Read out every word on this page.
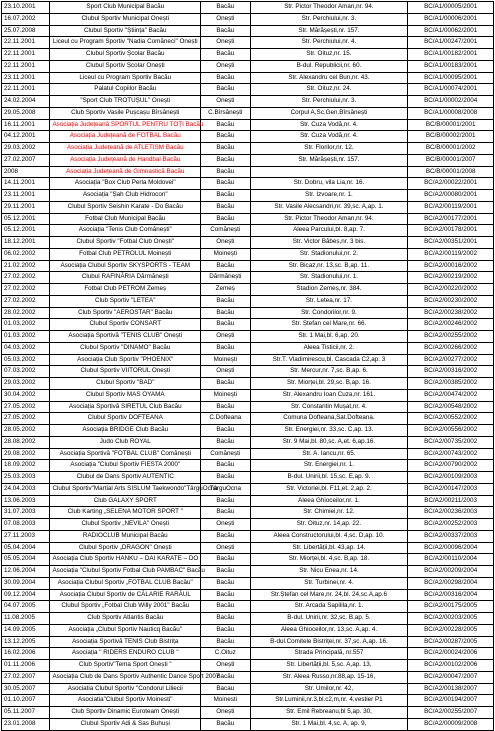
23.10.2001	Sport Club Municipal Bacău	Bacău	Str. Pictor Theodor Aman,nr. 94.	BC/A1/00005/2001
16.07.2002	Clubul Sportiv Municipal Onești	Onești	Str. Perchiului,nr. 3.	BC/A1/00006/2001
25.07.2008	Clubul Sportiv "Știința" Bacău	Bacău	Str. Mărășești,nr. 157.	BC/A1/00062/2001
22.11.2001	Liceul cu Program Sportiv "Nadia Comăneci" Onești	Onești	Str. Perchiului,nr. 4.	BC/A1/00247/2001
22.11.2001	Clubul Sportiv Școlar Bacău	Bacău	Str. Oituz,nr. 15.	BC/A1/00182/2001
22.11.2001	Clubul Sportiv Școlar Onești	Onești	B-dul. Republicii,nr. 60.	BC/A1/00183/2001
23.11.2001	Liceul cu Program Sportiv Bacău	Bacău	Str. Alexandru cel Bun,nr. 43.	BC/A1/00095/2001
22.11.2001	Palatul Copiilor Bacău	Bacău	Str. Oituz,nr. 24.	BC/A1/00074/2001
24.02.2004	"Sport Club TROTUȘUL" Onești	Onești	Str. Perchiului,nr. 3.	BC/A1/00002/2004
29.05.2008	Club Sportiv Vasile Pușcașu Bîrsănești	C.Bîrsănești	Corpul A,Sc.Gen.Bîrsănești	BC/A1/00008/2008
16.11.2001	Asociația Județeană SPORTUL PENTRU TOȚI Bacău	Bacău	Str. Cuza Vodă,nr. 4.	BC/B/00001/2001
04.12.2001	Asociația Județeană de FOTBAL Bacău	Bacău	Str. Cuza Vodă,nr. 4.	BC/B/00002/2001
29.03.2002	Asociația Județeană de ATLETISM Bacău	Bacău	Str. Florilor,nr. 12.	BC/B/00001/2002
27.02.2007	Asociația Județeană de Handbal Bacău	Bacău	Str. Mărășești,nr. 157.	BC/B/00001/2007
2008	Asociația Județeană de Gimnastică Bacău	Bacău		BC/B/00001/2008
14.11.2001	Asociația "Box Club Perla Moldovei"	Bacău	Str. Dobru, vila Lia,nr. 16.	BC/A2/00022/2001
23.11.2001	Asociația "Șah Club Hidrocon"	Bacău	Str. Izvoare,nr. 1.	BC/A2/00080/2001
29.11.2001	Clubul Sportiv Seishin Karate - Do Bacău	Bacău	Str. Vasile Alecsandri,nr. 39,sc. A,ap. 1.	BC/A2/00119/2001
05.12.2001	Fotbal Club Municipal Bacău	Bacău	Str. Pictor Theodor Aman,nr. 94.	BC/A2/00177/2001
05.12.2001	Asociația "Tenis Club Comănești"	Comănești	Aleea Parcului,bl. 8,ap. 7.	BC/A2/00178/2001
18.12.2001	Clubul Sportiv "Fotbal Club Onești"	Onești	Str. Victor Băbeș,nr. 3 bis.	BC/A2/00351/2001
06.02.2002	Fotbal Club PETROLUL Moinești	Moinești	Str. Stadionului,nr. 2.	BC/A2/00119/2002
21.02.2002	Asociația Clubul Sportiv SKYSPORTS - TEAM	Bacău	Str. Bicaz,nr. 13,sc. B,ap. 11.	BC/A2/00016/2002
27.02.2002	Clubul RAFINĂRIA Dărmănești	Dărmănești	Str. Stadionului,nr. 1.	BC/A2/00219/2002
27.02.2002	Fotbal Club PETROM Zemeș	Zemeș	Stadion Zemeș,nr. 384.	BC/A2/00220/2002
27.02.2002	Club Sportiv "LETEA"	Bacău	Str. Letea,nr. 17.	BC/A2/00230/2002
28.02.2002	Club Sportiv "AEROSTAR" Bacău	Bacău	Str. Condorilor,nr. 9.	BC/A2/00238/2002
01.03.2002	Clubul Sportiv CONSART	Bacău	Str. Ștefan cel Mare,nr. 66.	BC/A2/00246/2002
01.03.2002	Asociația Sportivă "TENIS CLUB" Onești	Onești	Str. 1 Mai,bl. 6,ap. 20.	BC/A2/00255/2002
04.03.2002	Clubul Sportiv "DINAMO" Bacău	Bacău	Aleea Tisticii,nr. 2.	BC/A2/00266/2002
05.03.2002	Asociația Club Sportiv "PHOENIX"	Moinești	Str.T. Vladimirescu,bl. Cascada C2,ap. 3	BC/A2/00277/2002
07.03.2002	Clubul Sportiv VIITORUL Onești	Onești	Str. Mercur,nr. 7,sc. B,ap. 6.	BC/A2/00316/2002
29.03.2002	Clubul Sportiv "BAD"	Bacău	Str. Miorței,bl. 29,sc. B,ap. 16.	BC/A2/00385/2002
30.04.2002	Clubul Sportiv MAS OYAMA	Moinești	Str. Alexandru Ioan Cuza,nr. 161.	BC/A2/00474/2002
27.05.2002	Asociația Sportivă SIRETUL Club Bacău	Bacău	Str. Constantin Mușat,nr. 4.	BC/A2/00548/2002
27.05.2002	Clubul Sportiv DOFTEANA	C.Dofteana	Comuna Dofteana,Sat.Dofteana.	BC/A2/00552/2002
28.05.2002	Asociația BRIDGE Club Bacău	Bacău	Str. Energiei,nr. 33,sc. C,ap. 13.	BC/A2/00556/2002
28.08.2002	Judo Club ROYAL	Bacău	Str. 9 Mai,bl. 80,sc. A,et. 6,ap.16.	BC/A2/00735/2002
29.08.2002	Asociația Sportivă "FOTBAL CLUB" Comănești	Comănești	Str. A. Iancu,nr. 65.	BC/A2/00743/2002
18.09.2002	Asociația "Clubul Sportiv FIESTA 2000"	Bacău	Str. Energiei,nr. 1.	BC/A2/00790/2002
25.03.2003	Clubul de Dans Sportiv AUTENTIC	Bacău	B-dul. Unirii,bl. 15,sc. E,ap. 9.	BC/A2/00109/2003
24.04.2003	Clubul Sportiv"Martial Arts SISLUM Taekwondo"TârguOcna	TârguOcna	Str. Victoriei,bl. F11,et. 2,ap. 2.	BC/A2/00147/2003
13.06.2003	Club GALAXY SPORT	Bacău	Aleea Ghioceilor,nr. 1.	BC/A2/00211/2003
31.07.2003	Club Karting „SELENA MOTOR SPORT "	Bacău	Str. Chimiei,nr. 12.	BC/A2/00236/2003
07.08.2003	Clubul Sportiv „NEVILA" Onești	Onești	Str. Oituz,nr. 14,ap. 22.	BC/A2/00252/2003
27.11.2003	RADIOCLUB Municipal Bacău	Bacău	Aleea Constructorului,bl. 4,sc. D,ap. 10.	BC/A2/00337/2003
05.04.2004	Clubul Sportiv „DRAGON" Onești	Onești	Str. Libertății,bl. 43,ap. 14.	BC/A2/00096/2004
05.05.2004	Asociația Club Sportiv HANKU – DAI KARATE – DO	Bacău	Str. Miorței,bl. 4,sc. B,ap. 18.	BC/A2/00110/2004
12.06.2004	Asociația "Clubul Sportiv Fotbal Club PAMBAC" Bacău	Bacău	Str. Nicu Enea,nr. 14.	BC/A2/00209/2004
30.09.2004	Asociația Clubul Sportiv „FOTBAL CLUB Bacău"	Bacău	Str. Turbinei,nr. 4.	BC/A2/00298/2004
09.12.2004	Asociația Clubul Sportiv de CĂLARIE RARĂUL	Bacău	Str.Ștefan cel Mare,nr. 24,bl. 24,sc.A,ap.6	BC/A2/00316/2004
04.07.2005	Clubul Sportiv „Fotbal Club Willy 2001" Bacău	Bacău	Str. Arcada Sapilila,nr. 1.	BC/A2/00175/2005
11.08.2005	Club Sportiv Atlantis Bacău	Bacău	B-dul. Unirii,nr. 32,sc. B,ap. 5.	BC/A2/00203/2005
14.09.2005	Asociația „Clubul Sportiv Nauticq Bacău"	Bacău	Aleea Ghioceilor,nr. 13,sc. A,ap. 4.	BC/A2/00228/2005
13.12.2005	Asociația Sportivă TENIS Club Bistrița	Bacău	B-dul.Comitele Bistriței,nr. 37,sc. A,ap. 16.	BC/A2/00287/2005
16.02.2006	Asociația " RIDERS ENDURO CLUB "	C.Oituz	Strada Principală, nr.557	BC/A2/00024/2006
01.11.2006	Club Sportiv"Tema Sport Onești "	Onești	Str. Libertății,bl. 5,sc. A,ap. 13,	BC/A2/00102/2006
27.02.2007	Asociația Club de Dans Sportiv Authentic Dance Sport 2007	Bacău	Str. Aleea Russo,nr.88,ap. 15-16,	BC/A2/00047/2007
30.05.2007	Asociatia Clubul Sportiv "Condorul Liliecii	Bacau	Str. Umilor,nr. 42,	BC/A2/00138/2007
01.10.2007	Asociatia"Clubul Sportiv Moinesti"	Moinesti	Str.Luminii,nr.3,bl.c2,m,nr. 4,vestier P1	BC/A2/00194/2007
05.11.2007	Club Sportiv Dinamic Euroteam Onești	Onești	Str. Emil Rebreanu,bl 5,ap. 30,	BC/A2/00255/2007
23.01.2008	Clubul Sportiv Adi & Sas Buhuși	Bacău	Str. 1 Mai,bl. 4,sc. A, ap. 9,	BC/A2/00009/2008
